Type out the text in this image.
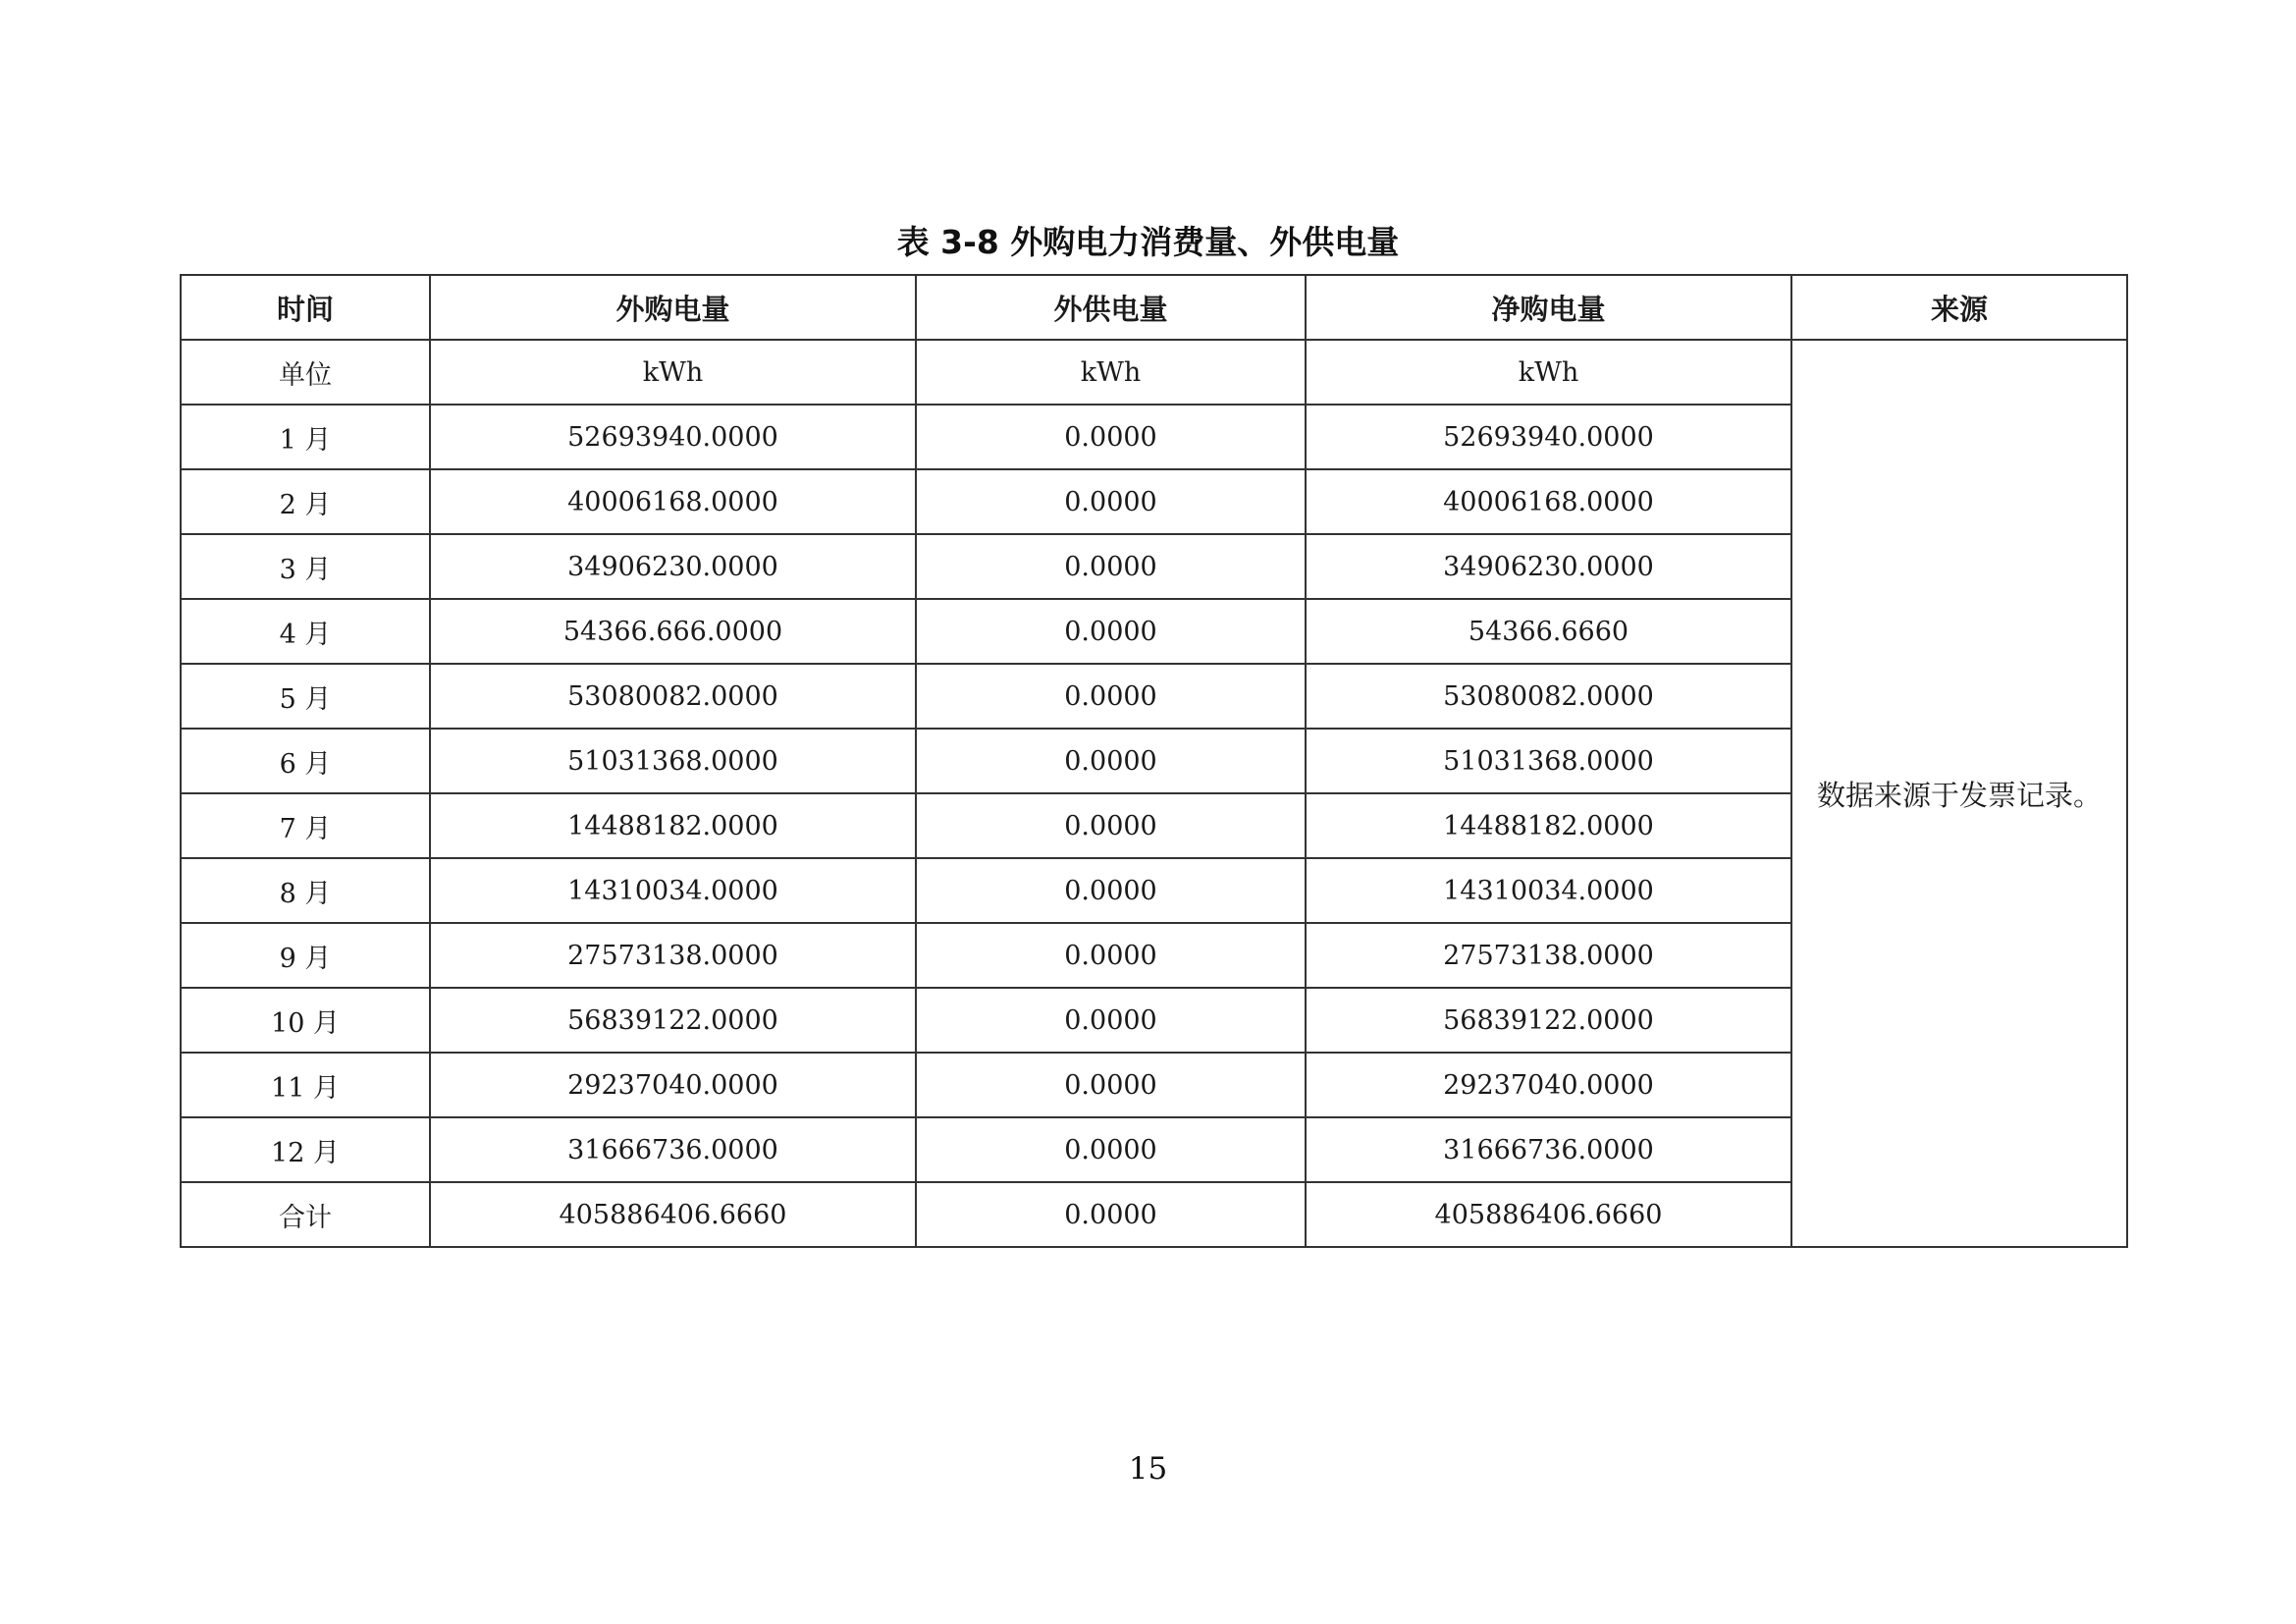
表 3-8 外购电力消费量、外供电量
时间	外购电量	外供电量	净购电量	来源
单位	kWh	kWh	kWh	数据来源于发票记录。
1 月	52693940.0000	0.0000	52693940.0000	
2 月	40006168.0000	0.0000	40006168.0000	
3 月	34906230.0000	0.0000	34906230.0000	
4 月	54366.666.0000	0.0000	54366.6660	
5 月	53080082.0000	0.0000	53080082.0000	
6 月	51031368.0000	0.0000	51031368.0000	
7 月	14488182.0000	0.0000	14488182.0000	
8 月	14310034.0000	0.0000	14310034.0000	
9 月	27573138.0000	0.0000	27573138.0000	
10 月	56839122.0000	0.0000	56839122.0000	
11 月	29237040.0000	0.0000	29237040.0000	
12 月	31666736.0000	0.0000	31666736.0000	
合计	405886406.6660	0.0000	405886406.6660	
15
